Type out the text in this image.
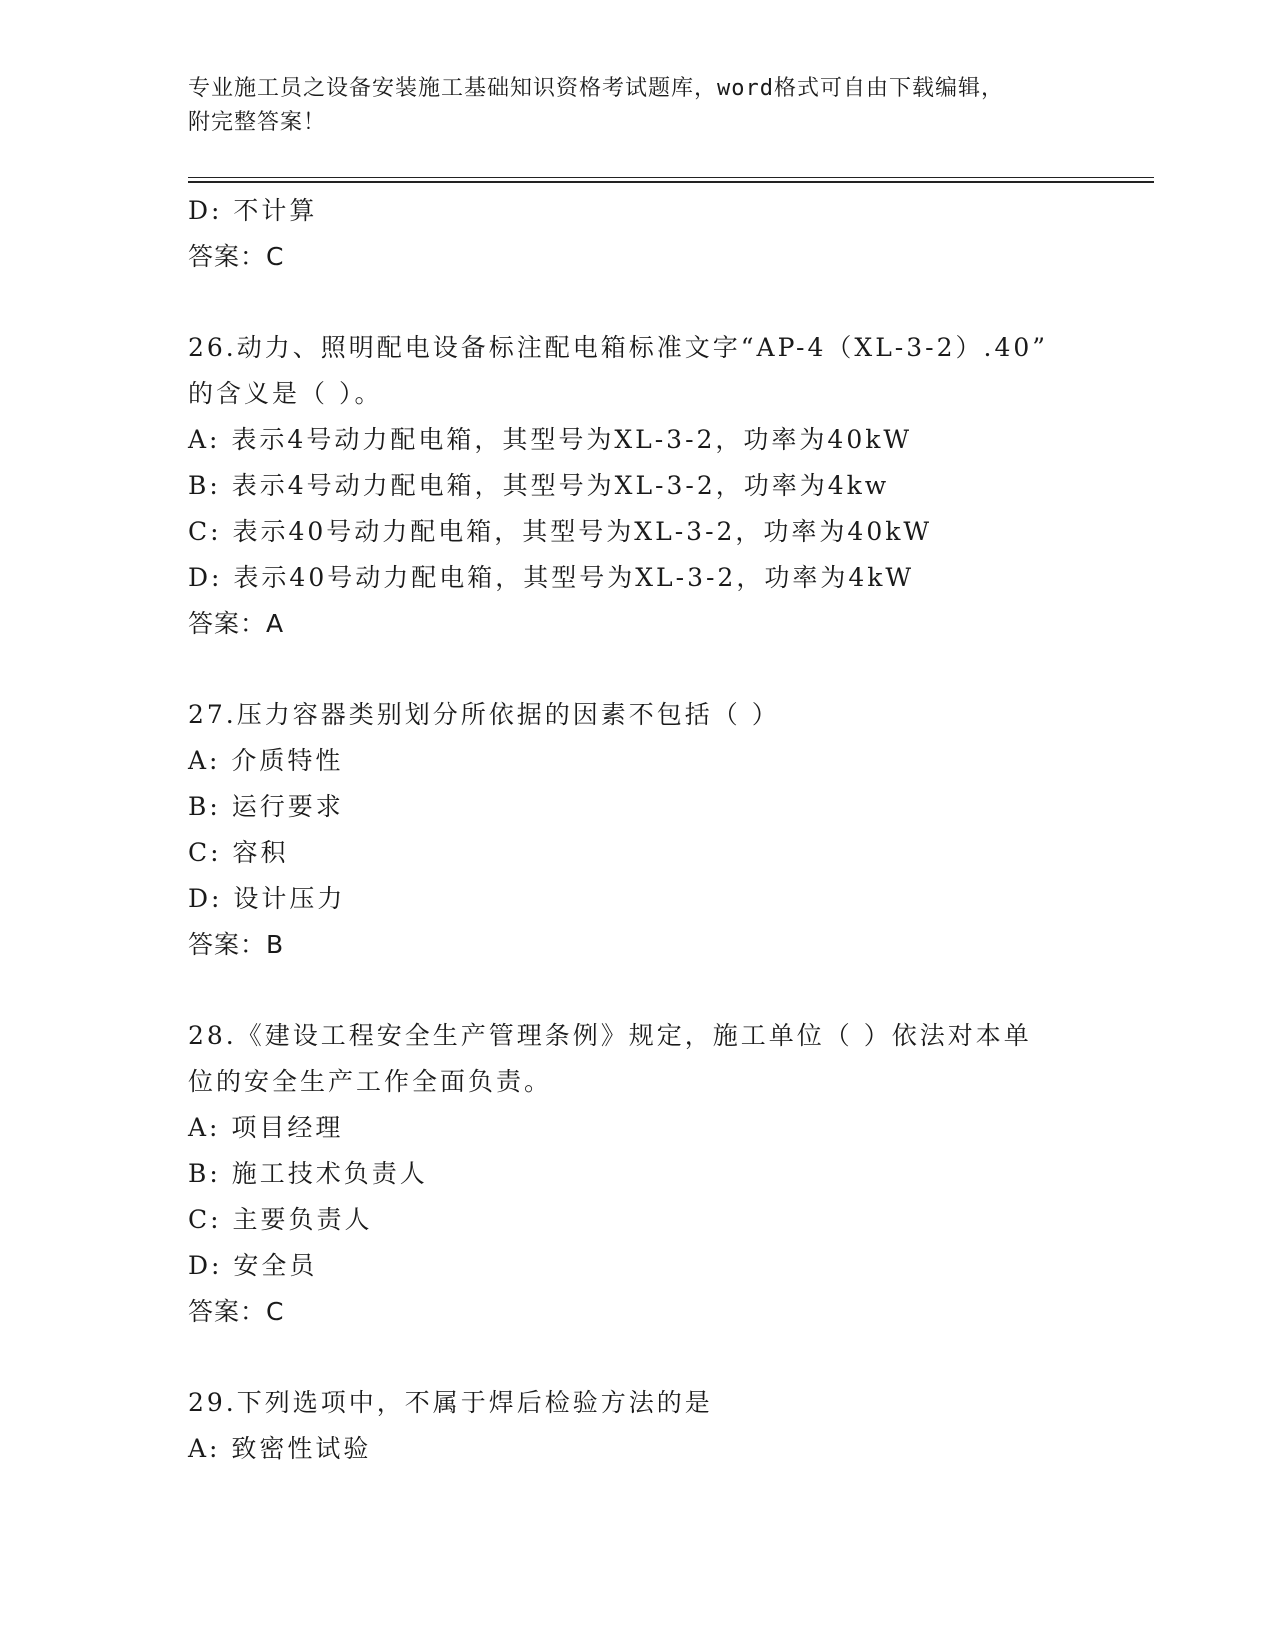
专业施工员之设备安装施工基础知识资格考试题库，word格式可自由下载编辑，
附完整答案！
D: 不计算
答案：C
26.动力、照明配电设备标注配电箱标准文字“AP-4（XL-3-2）.40”
的含义是（ ）。
A: 表示4号动力配电箱，其型号为XL-3-2，功率为40kW
B: 表示4号动力配电箱，其型号为XL-3-2，功率为4kw
C: 表示40号动力配电箱，其型号为XL-3-2，功率为40kW
D: 表示40号动力配电箱，其型号为XL-3-2，功率为4kW
答案：A
27.压力容器类别划分所依据的因素不包括（ ）
A: 介质特性
B: 运行要求
C: 容积
D: 设计压力
答案：B
28.《建设工程安全生产管理条例》规定，施工单位（ ）依法对本单
位的安全生产工作全面负责。
A: 项目经理
B: 施工技术负责人
C: 主要负责人
D: 安全员
答案：C
29.下列选项中，不属于焊后检验方法的是
A: 致密性试验
